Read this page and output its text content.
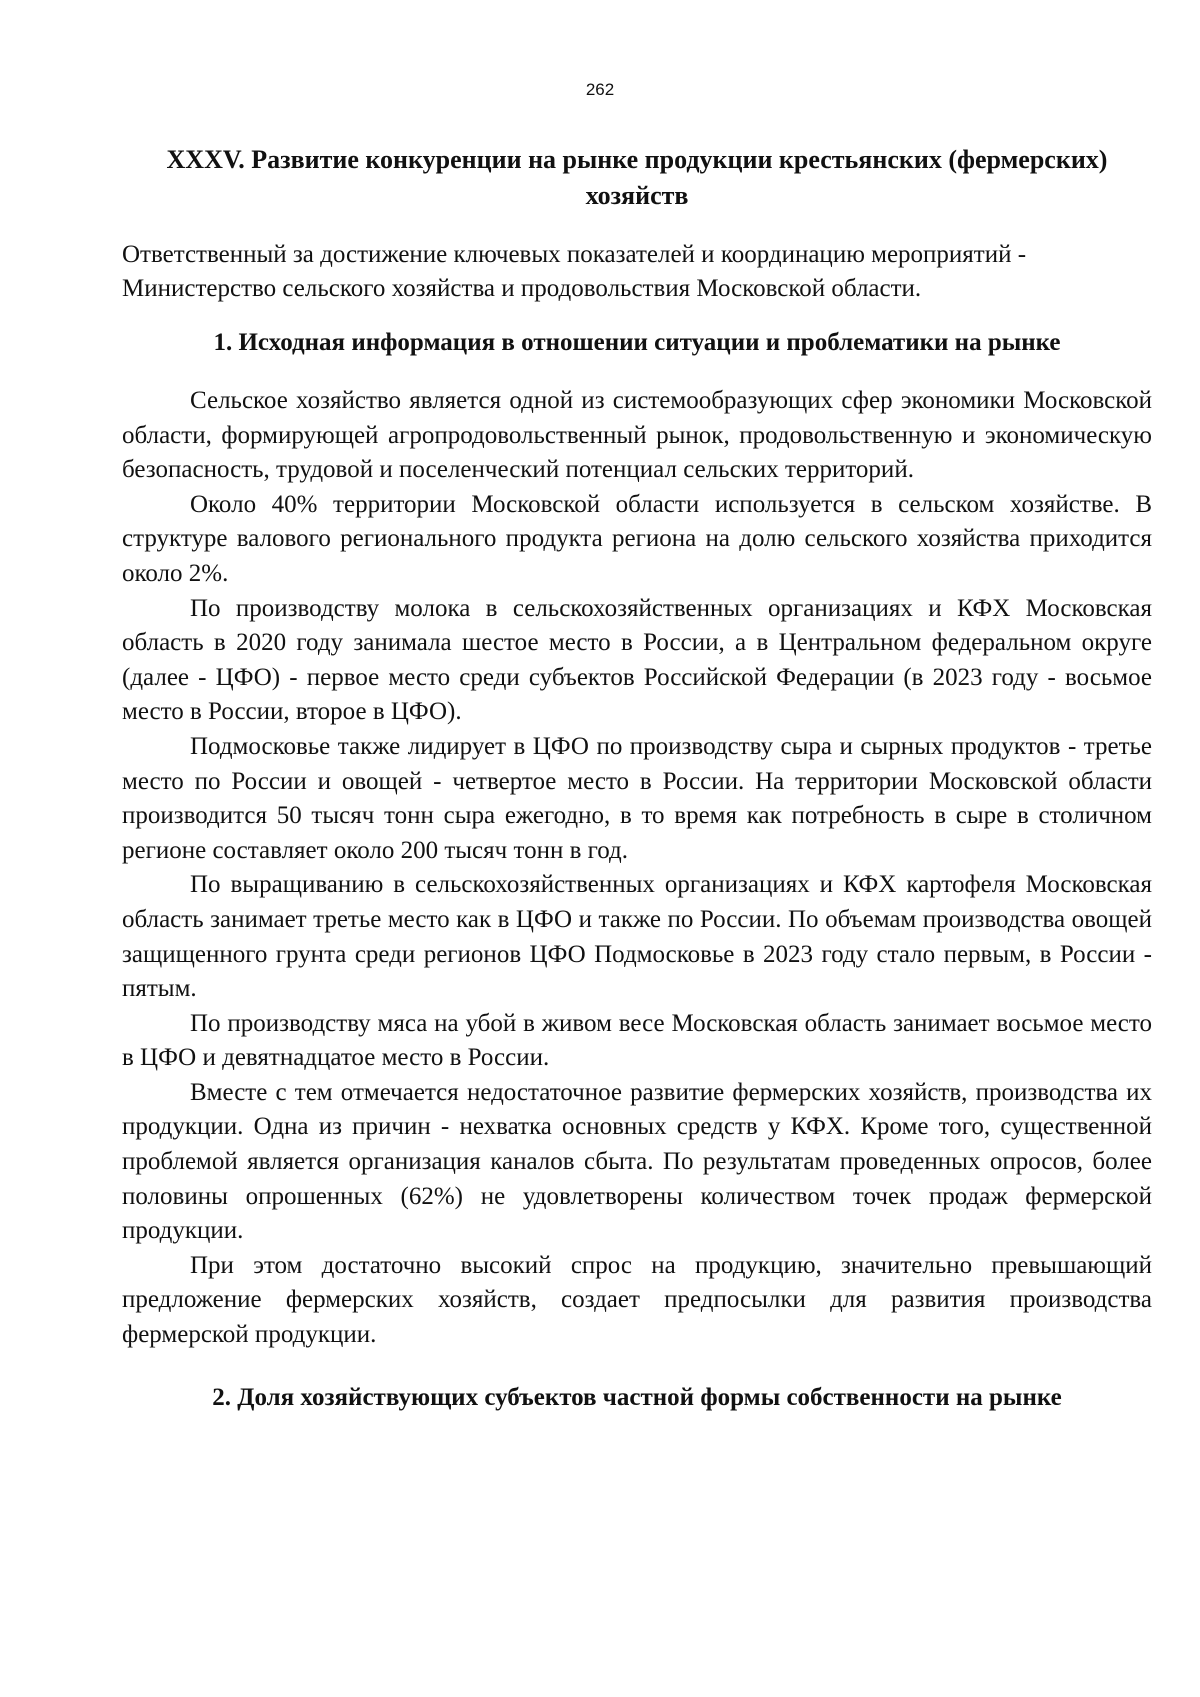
262
XXXV. Развитие конкуренции на рынке продукции крестьянских (фермерских) хозяйств

Ответственный за достижение ключевых показателей и координацию мероприятий - Министерство сельского хозяйства и продовольствия Московской области.

1. Исходная информация в отношении ситуации и проблематики на рынке

Сельское хозяйство является одной из системообразующих сфер экономики Московской области, формирующей агропродовольственный рынок, продовольственную и экономическую безопасность, трудовой и поселенческий потенциал сельских территорий.

Около 40% территории Московской области используется в сельском хозяйстве. В структуре валового регионального продукта региона на долю сельского хозяйства приходится около 2%.

По производству молока в сельскохозяйственных организациях и КФХ Московская область в 2020 году занимала шестое место в России, а в Центральном федеральном округе (далее - ЦФО) - первое место среди субъектов Российской Федерации (в 2023 году - восьмое место в России, второе в ЦФО).

Подмосковье также лидирует в ЦФО по производству сыра и сырных продуктов - третье место по России и овощей - четвертое место в России. На территории Московской области производится 50 тысяч тонн сыра ежегодно, в то время как потребность в сыре в столичном регионе составляет около 200 тысяч тонн в год.

По выращиванию в сельскохозяйственных организациях и КФХ картофеля Московская область занимает третье место как в ЦФО и также по России. По объемам производства овощей защищенного грунта среди регионов ЦФО Подмосковье в 2023 году стало первым, в России - пятым.

По производству мяса на убой в живом весе Московская область занимает восьмое место в ЦФО и девятнадцатое место в России.

Вместе с тем отмечается недостаточное развитие фермерских хозяйств, производства их продукции. Одна из причин - нехватка основных средств у КФХ. Кроме того, существенной проблемой является организация каналов сбыта. По результатам проведенных опросов, более половины опрошенных (62%) не удовлетворены количеством точек продаж фермерской продукции.

При этом достаточно высокий спрос на продукцию, значительно превышающий предложение фермерских хозяйств, создает предпосылки для развития производства фермерской продукции.

2. Доля хозяйствующих субъектов частной формы собственности на рынке
